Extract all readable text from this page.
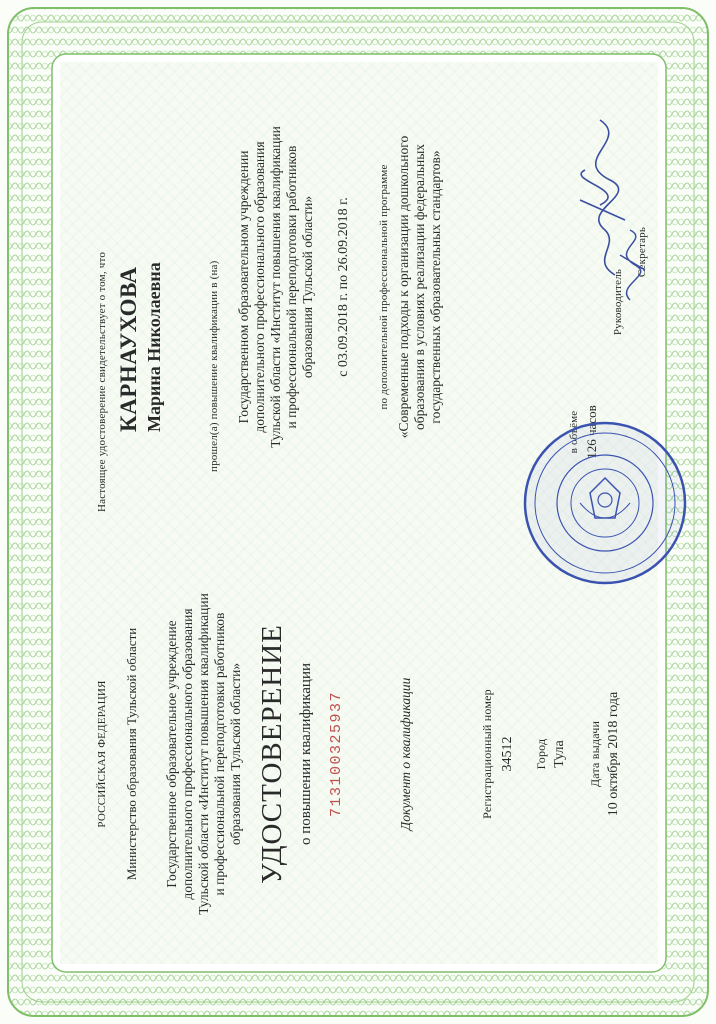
РОССИЙСКАЯ ФЕДЕРАЦИЯ Министерство образования Тульской области Государственное образовательное учреждение дополнительного профессионального образования Тульской области «Институт повышения квалификации и профессиональной переподготовки работников образования Тульской области» УДОСТОВЕРЕНИЕ о повышении квалификации 713100325937	Документ о квалификации	Регистрационный номер 34512 Город Тула Дата выдачи 10 октября 2018 года
Настоящее удостоверение свидетельствует о том, что КАРНАУХОВА Марина Николаевна	прошел(а) повышение квалификации в (на) Государственном образовательном учреждении дополнительного профессионального образования Тульской области «Институт повышения квалификации и профессиональной переподготовки работников образования Тульской области» с 03.09.2018 г. по 26.09.2018 г. по дополнительной профессиональной программе «Современные подходы к организации дошкольного образования в условиях реализации федеральных государственных образовательных стандартов»	Руководитель
Секретарь
